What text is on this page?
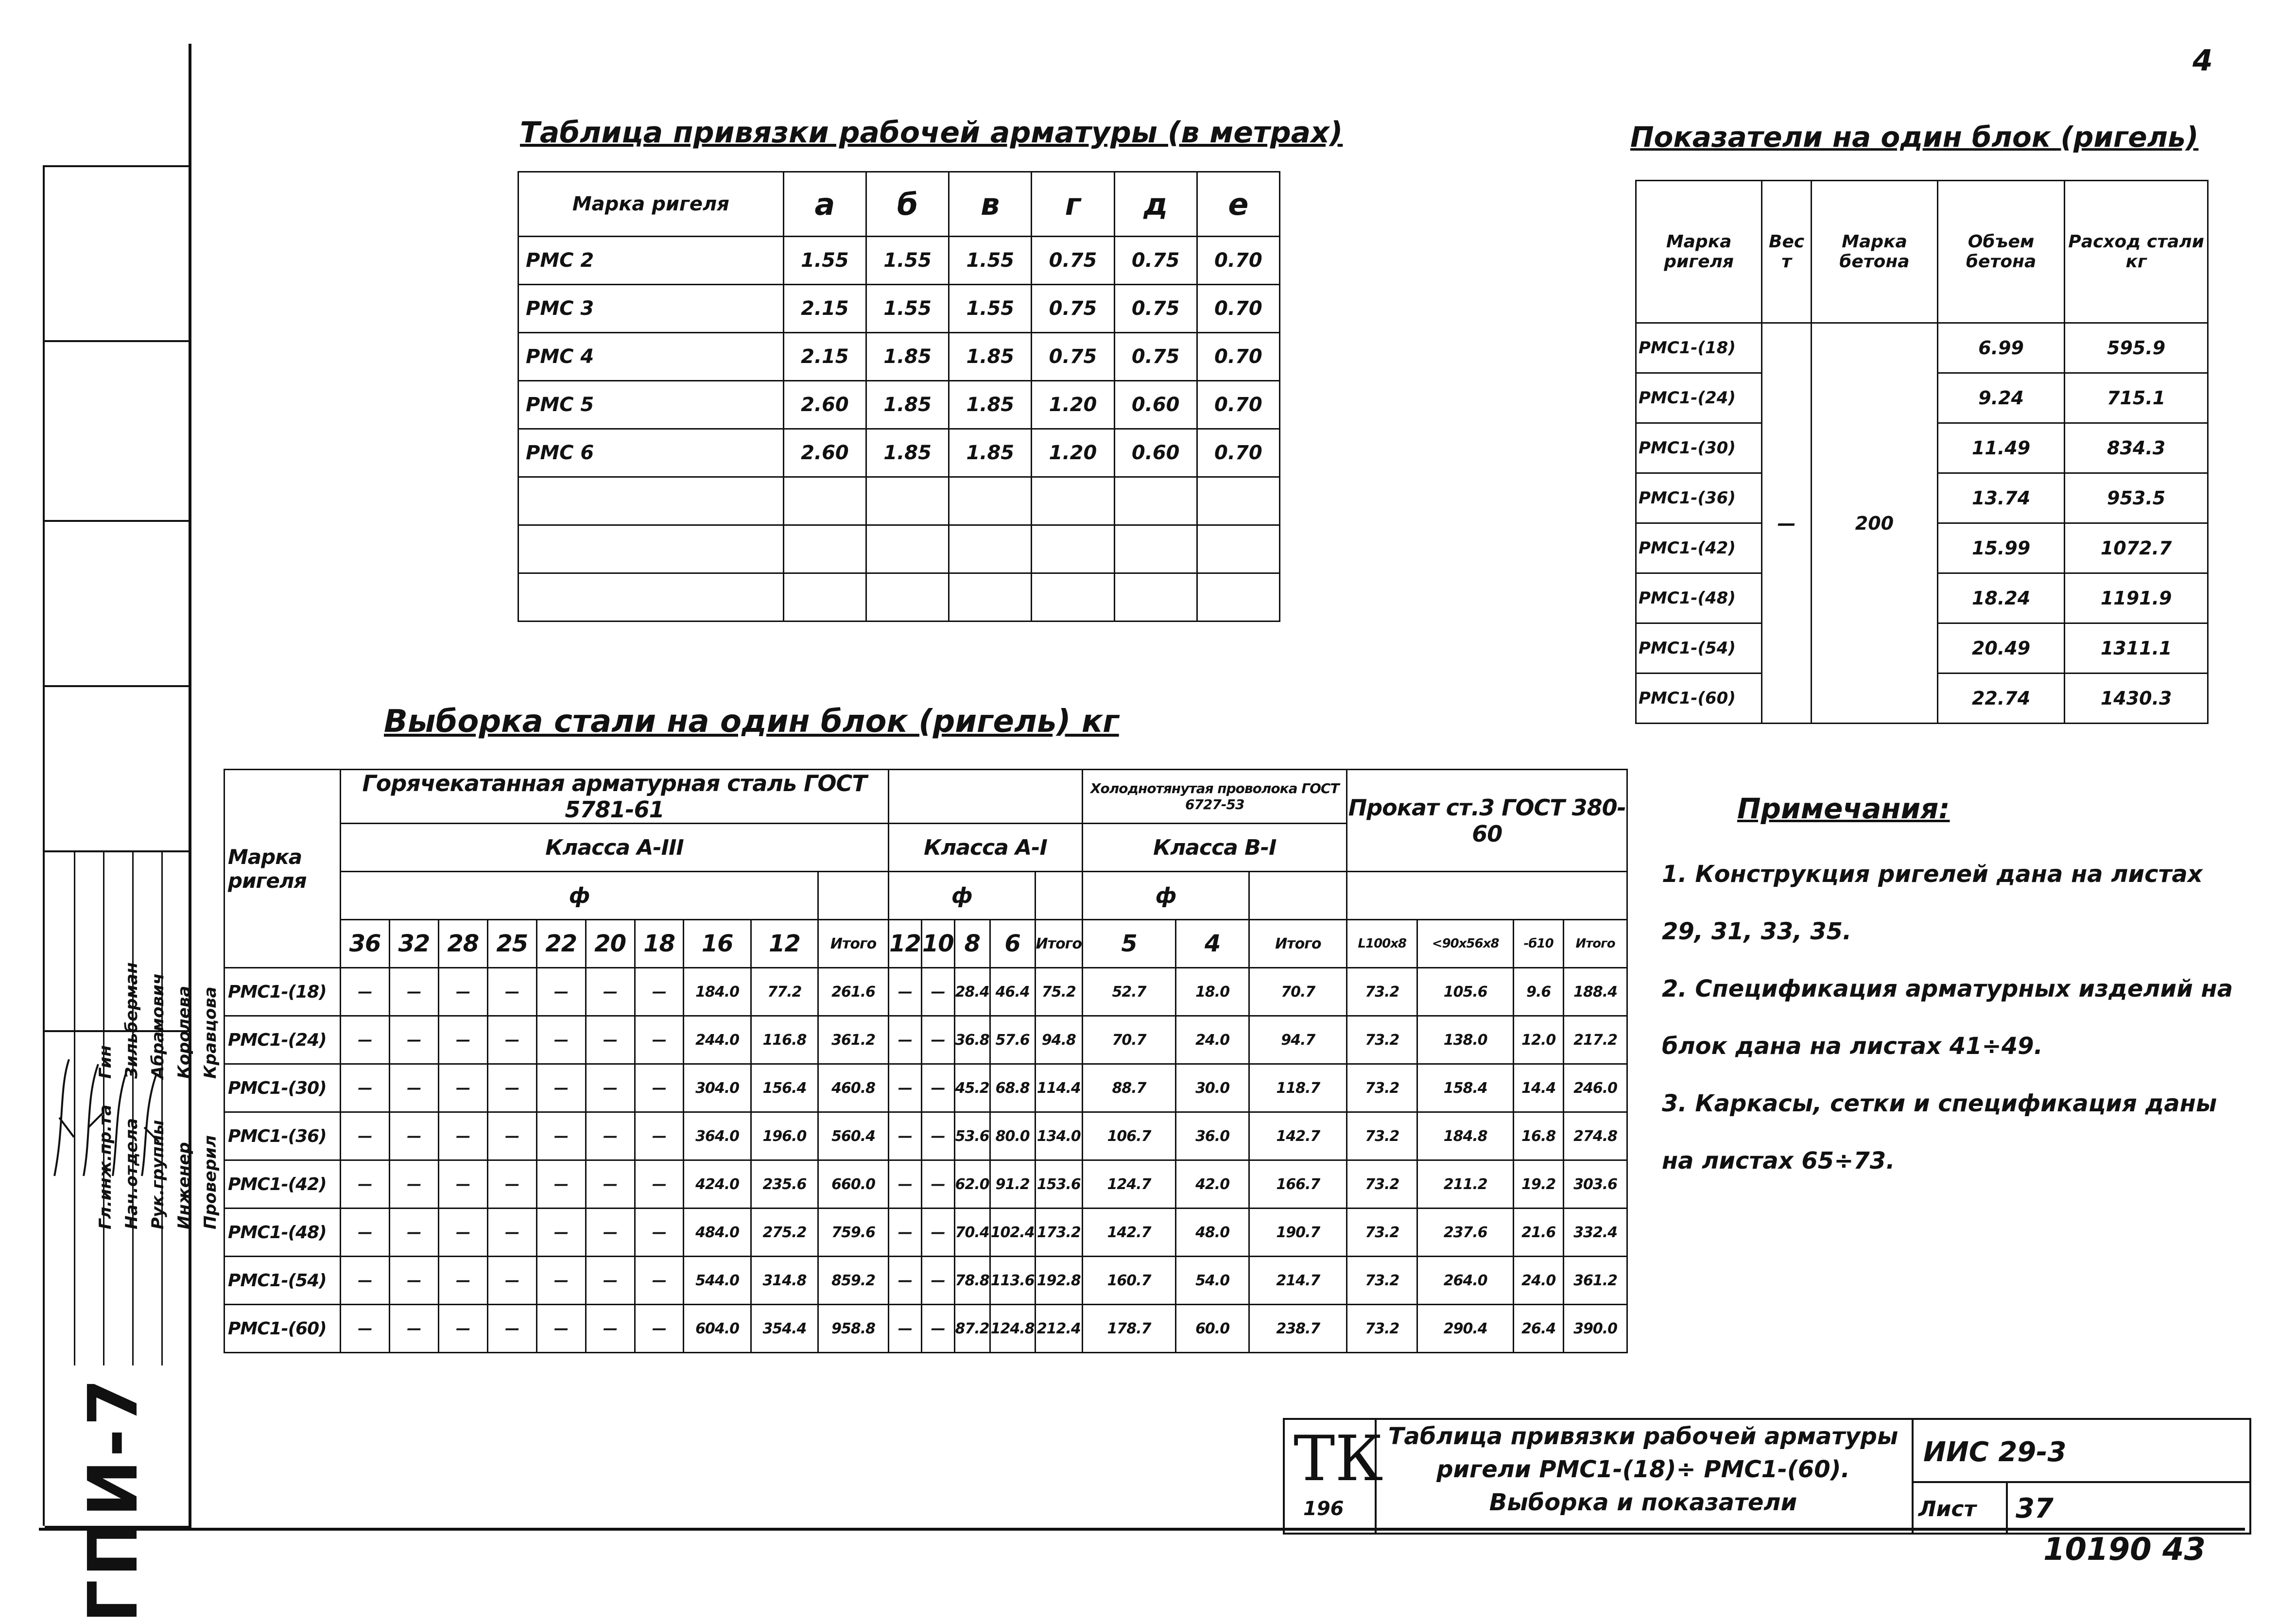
4
Гл.инж.пр.та Нач.отдела Рук.группы Инженер Проверил
Гин Зильберман Абрамович Королева Кравцова
ГПИ-7
Таблица привязки рабочей арматуры (в метрах)
Марка ригеля	а	б	в	г	д	е
РМС 2	1.55	1.55	1.55	0.75	0.75	0.70
РМС 3	2.15	1.55	1.55	0.75	0.75	0.70
РМС 4	2.15	1.85	1.85	0.75	0.75	0.70
РМС 5	2.60	1.85	1.85	1.20	0.60	0.70
РМС 6	2.60	1.85	1.85	1.20	0.60	0.70

Показатели на один блок (ригель)
Марка ригеля	Вес т	Марка бетона	Объем бетона	Расход стали кг
РМС1-(18)	—	200	6.99	595.9
РМС1-(24)			9.24	715.1
РМС1-(30)			11.49	834.3
РМС1-(36)			13.74	953.5
РМС1-(42)			15.99	1072.7
РМС1-(48)			18.24	1191.9
РМС1-(54)			20.49	1311.1
РМС1-(60)			22.74	1430.3
Выборка стали на один блок (ригель) кг
Марка ригеля	Горячекатанная арматурная сталь ГОСТ 5781-61															Холоднотянутая проволока ГОСТ 6727-53			Прокат ст.3 ГОСТ 380-60			
	Класса А-III										Класса А-I					Класса В-I						
	ф										ф					ф						
	36	32	28	25	22	20	18	16	12	Итого	12	10	8	6	Итого	5	4	Итого	L100x8	<90x56x8	-б10	Итого
РМС1-(18)	—	—	—	—	—	—	—	184.0	77.2	261.6	—	—	28.4	46.4	75.2	52.7	18.0	70.7	73.2	105.6	9.6	188.4
РМС1-(24)	—	—	—	—	—	—	—	244.0	116.8	361.2	—	—	36.8	57.6	94.8	70.7	24.0	94.7	73.2	138.0	12.0	217.2
РМС1-(30)	—	—	—	—	—	—	—	304.0	156.4	460.8	—	—	45.2	68.8	114.4	88.7	30.0	118.7	73.2	158.4	14.4	246.0
РМС1-(36)	—	—	—	—	—	—	—	364.0	196.0	560.4	—	—	53.6	80.0	134.0	106.7	36.0	142.7	73.2	184.8	16.8	274.8
РМС1-(42)	—	—	—	—	—	—	—	424.0	235.6	660.0	—	—	62.0	91.2	153.6	124.7	42.0	166.7	73.2	211.2	19.2	303.6
РМС1-(48)	—	—	—	—	—	—	—	484.0	275.2	759.6	—	—	70.4	102.4	173.2	142.7	48.0	190.7	73.2	237.6	21.6	332.4
РМС1-(54)	—	—	—	—	—	—	—	544.0	314.8	859.2	—	—	78.8	113.6	192.8	160.7	54.0	214.7	73.2	264.0	24.0	361.2
РМС1-(60)	—	—	—	—	—	—	—	604.0	354.4	958.8	—	—	87.2	124.8	212.4	178.7	60.0	238.7	73.2	290.4	26.4	390.0
Примечания:
1. Конструкция ригелей дана на листах 29, 31, 33, 35.
2. Спецификация арматурных изделий на блок дана на листах 41÷49.
3. Каркасы, сетки и спецификация даны на листах 65÷73.
ТК
196
Таблица привязки рабочей арматуры
ригели РМС1-(18)÷ РМС1-(60).
Выборка и показатели
ИИС 29-3
Лист 37
10190 43
